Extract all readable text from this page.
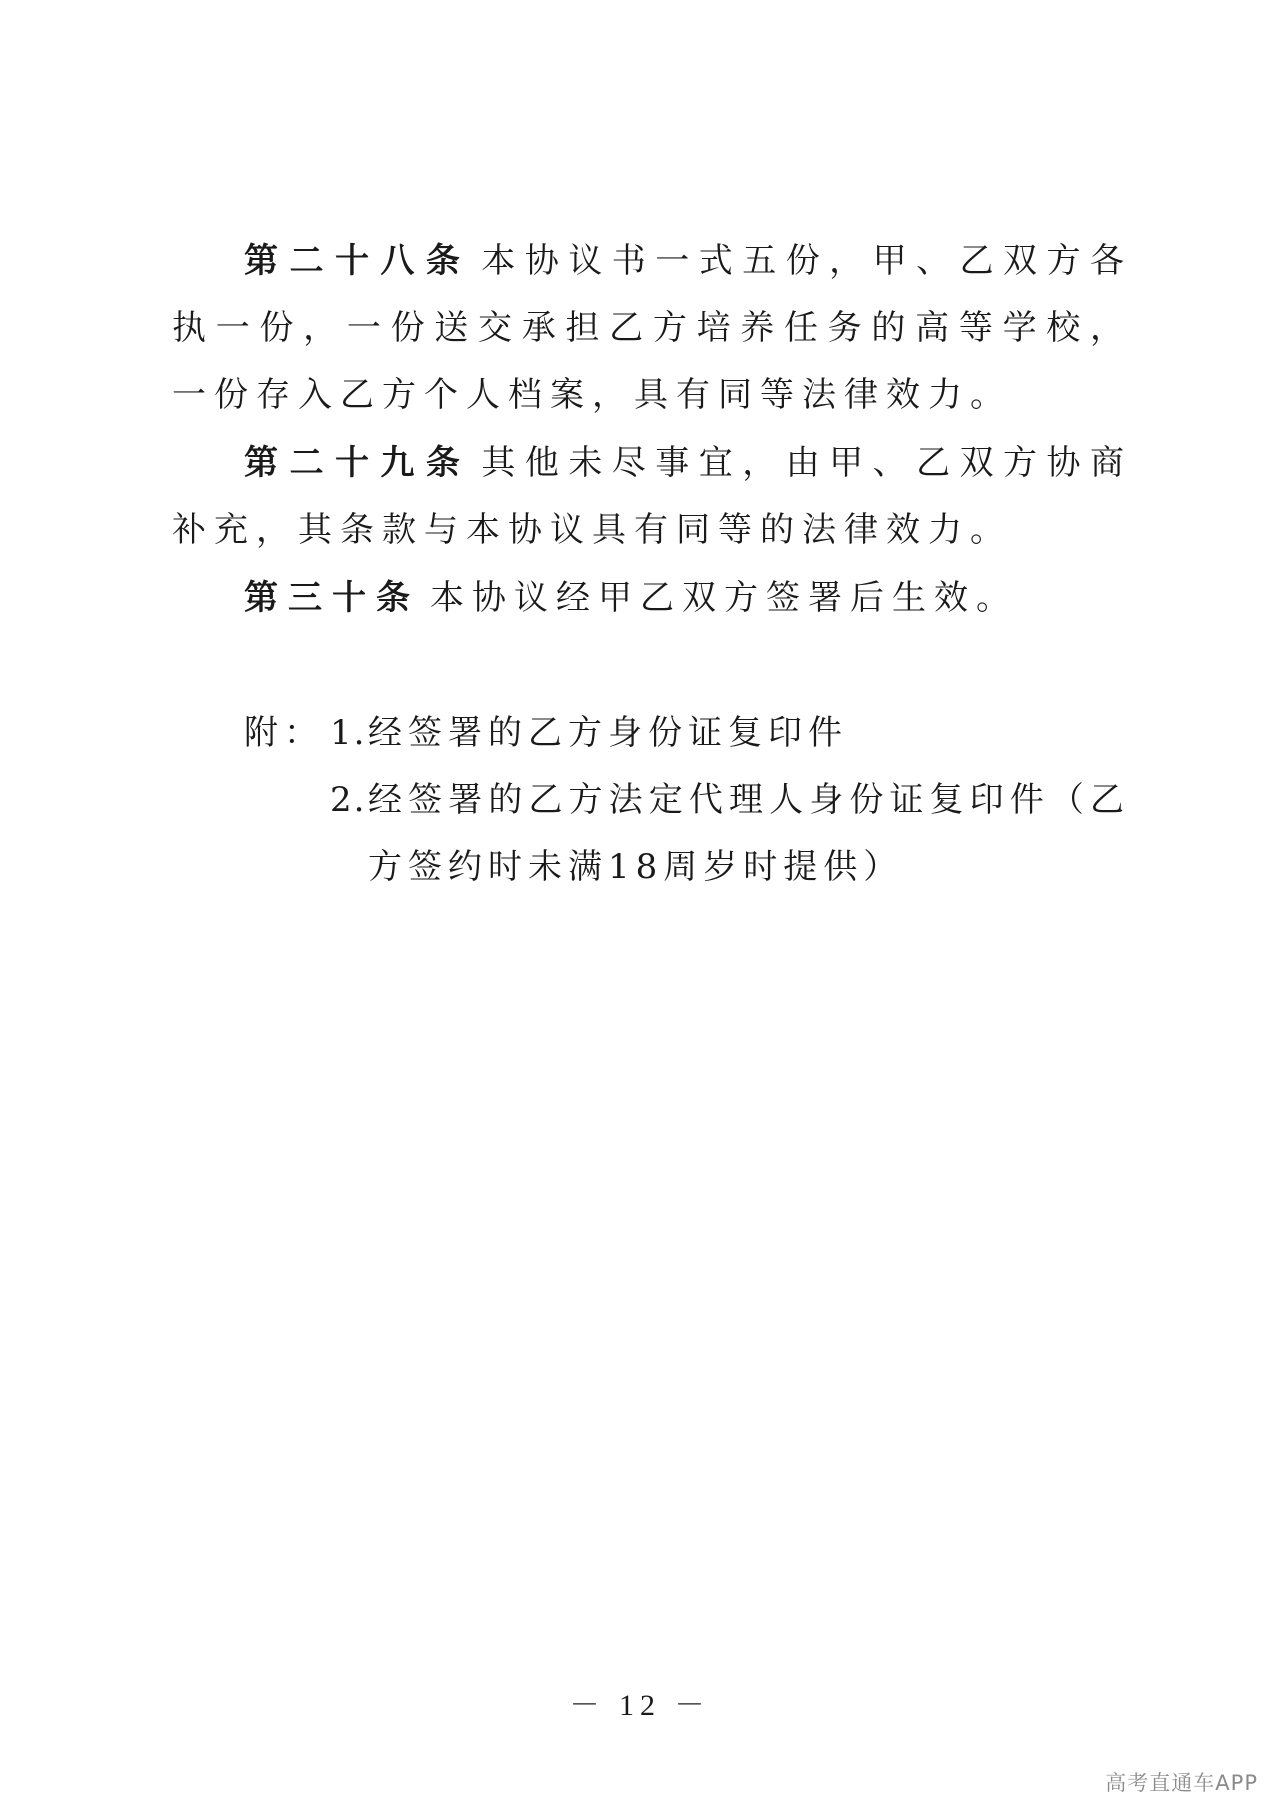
第二十八条 本协议书一式五份，甲、乙双方各执一份，一份送交承担乙方培养任务的高等学校，一份存入乙方个人档案，具有同等法律效力。

第二十九条 其他未尽事宜，由甲、乙双方协商补充，其条款与本协议具有同等的法律效力。

第三十条 本协议经甲乙双方签署后生效。

附： 1. 经签署的乙方身份证复印件
2. 经签署的乙方法定代理人身份证复印件（乙方签约时未满18周岁时提供）
－ 12 －
高考直通车APP
